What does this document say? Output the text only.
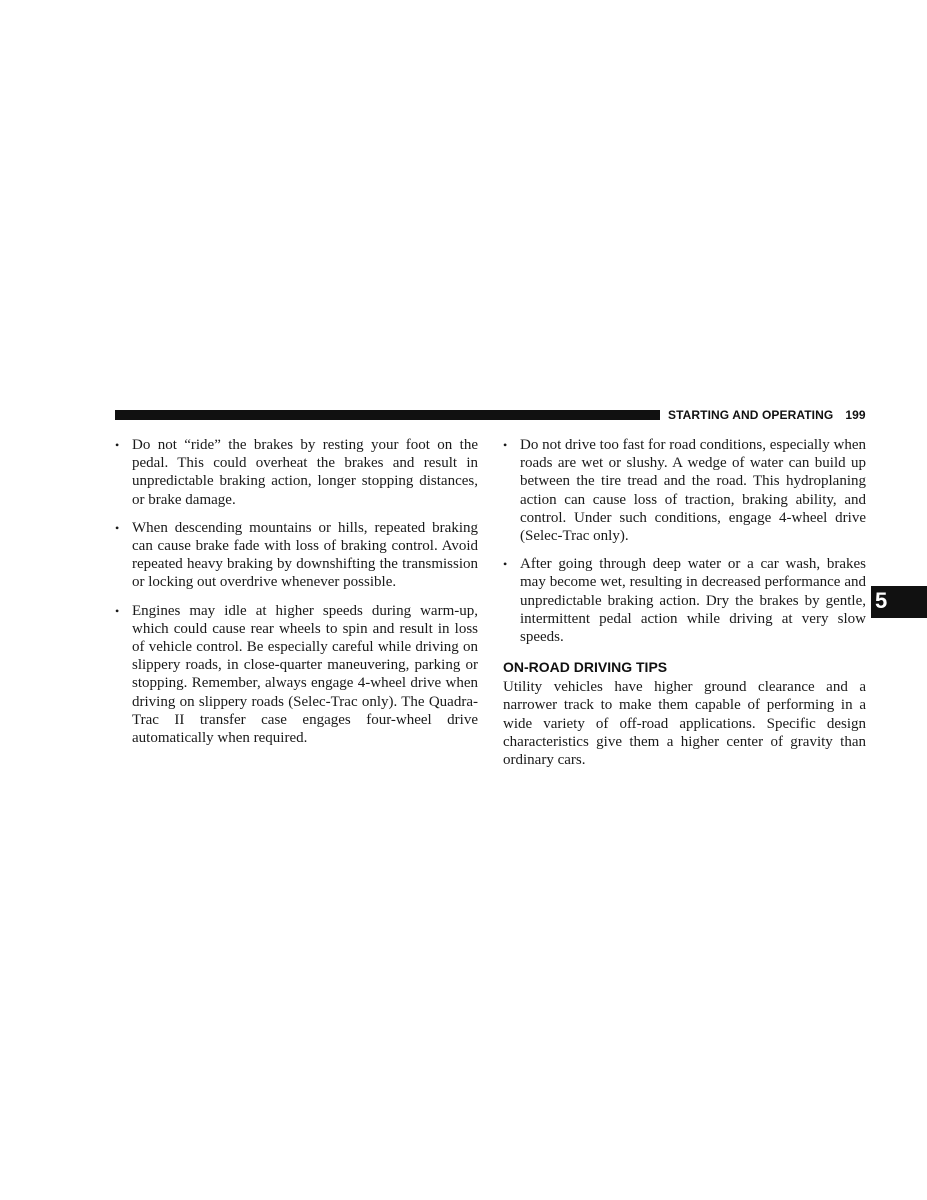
STARTING AND OPERATING 199
5
• Do not “ride” the brakes by resting your foot on the pedal. This could overheat the brakes and result in unpredictable braking action, longer stopping distances, or brake damage.
• When descending mountains or hills, repeated braking can cause brake fade with loss of braking control. Avoid repeated heavy braking by downshifting the transmission or locking out overdrive whenever possible.
• Engines may idle at higher speeds during warm-up, which could cause rear wheels to spin and result in loss of vehicle control. Be especially careful while driving on slippery roads, in close-quarter maneuvering, parking or stopping. Remember, always engage 4-wheel drive when driving on slippery roads (Selec-Trac only). The Quadra-Trac II transfer case engages four-wheel drive automatically when required.
• Do not drive too fast for road conditions, especially when roads are wet or slushy. A wedge of water can build up between the tire tread and the road. This hydroplaning action can cause loss of traction, braking ability, and control. Under such conditions, engage 4-wheel drive (Selec-Trac only).
• After going through deep water or a car wash, brakes may become wet, resulting in decreased performance and unpredictable braking action. Dry the brakes by gentle, intermittent pedal action while driving at very slow speeds.
ON-ROAD DRIVING TIPS

Utility vehicles have higher ground clearance and a narrower track to make them capable of performing in a wide variety of off-road applications. Specific design characteristics give them a higher center of gravity than ordinary cars.
